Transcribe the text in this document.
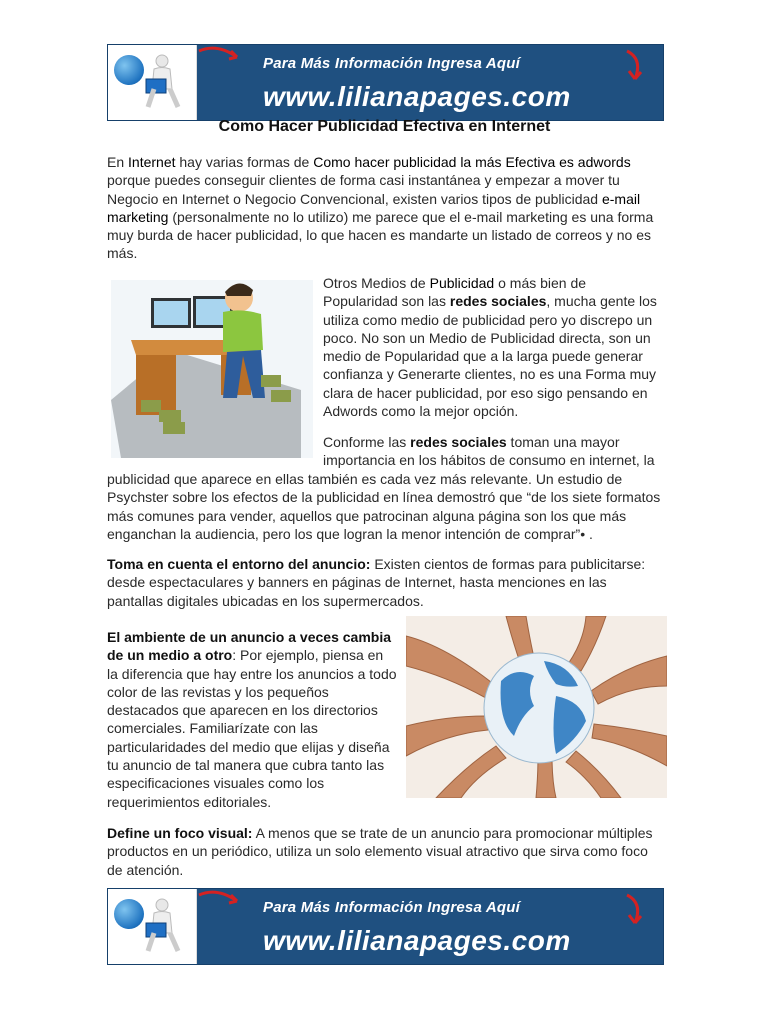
Para Más Información Ingresa Aquí
www.lilianapages.com
Como Hacer Publicidad Efectiva en Internet

En Internet hay varias formas de Como hacer publicidad la más Efectiva es adwords porque puedes conseguir clientes de forma casi instantánea y empezar a mover tu Negocio en Internet o Negocio Convencional, existen varios tipos de publicidad e-mail marketing (personalmente no lo utilizo) me parece que el e-mail marketing es una forma muy burda de hacer publicidad, lo que hacen es mandarte un listado de correos y no es más.

Otros Medios de Publicidad o más bien de Popularidad son las redes sociales, mucha gente los utiliza como medio de publicidad pero yo discrepo un poco. No son un Medio de Publicidad directa, son un medio de Popularidad que a la larga puede generar confianza y Generarte clientes, no es una Forma muy clara de hacer publicidad, por eso sigo pensando en Adwords como la mejor opción.

Conforme las redes sociales toman una mayor importancia en los hábitos de consumo en internet, la

publicidad que aparece en ellas también es cada vez más relevante. Un estudio de Psychster sobre los efectos de la publicidad en línea demostró que “de los siete formatos más comunes para vender, aquellos que patrocinan alguna página son los que más enganchan la audiencia, pero los que logran la menor intención de comprar”• .

Toma en cuenta el entorno del anuncio: Existen cientos de formas para publicitarse: desde espectaculares y banners en páginas de Internet, hasta menciones en las pantallas digitales ubicadas en los supermercados.

El ambiente de un anuncio a veces cambia de un medio a otro: Por ejemplo, piensa en la diferencia que hay entre los anuncios a todo color de las revistas y los pequeños destacados que aparecen en los directorios comerciales. Familiarízate con las particularidades del medio que elijas y diseña tu anuncio de tal manera que cubra tanto las especificaciones visuales como los requerimientos editoriales.

Define un foco visual: A menos que se trate de un anuncio para promocionar múltiples productos en un periódico, utiliza un solo elemento visual atractivo que sirva como foco de atención.

Para Más Información Ingresa Aquí
www.lilianapages.com
